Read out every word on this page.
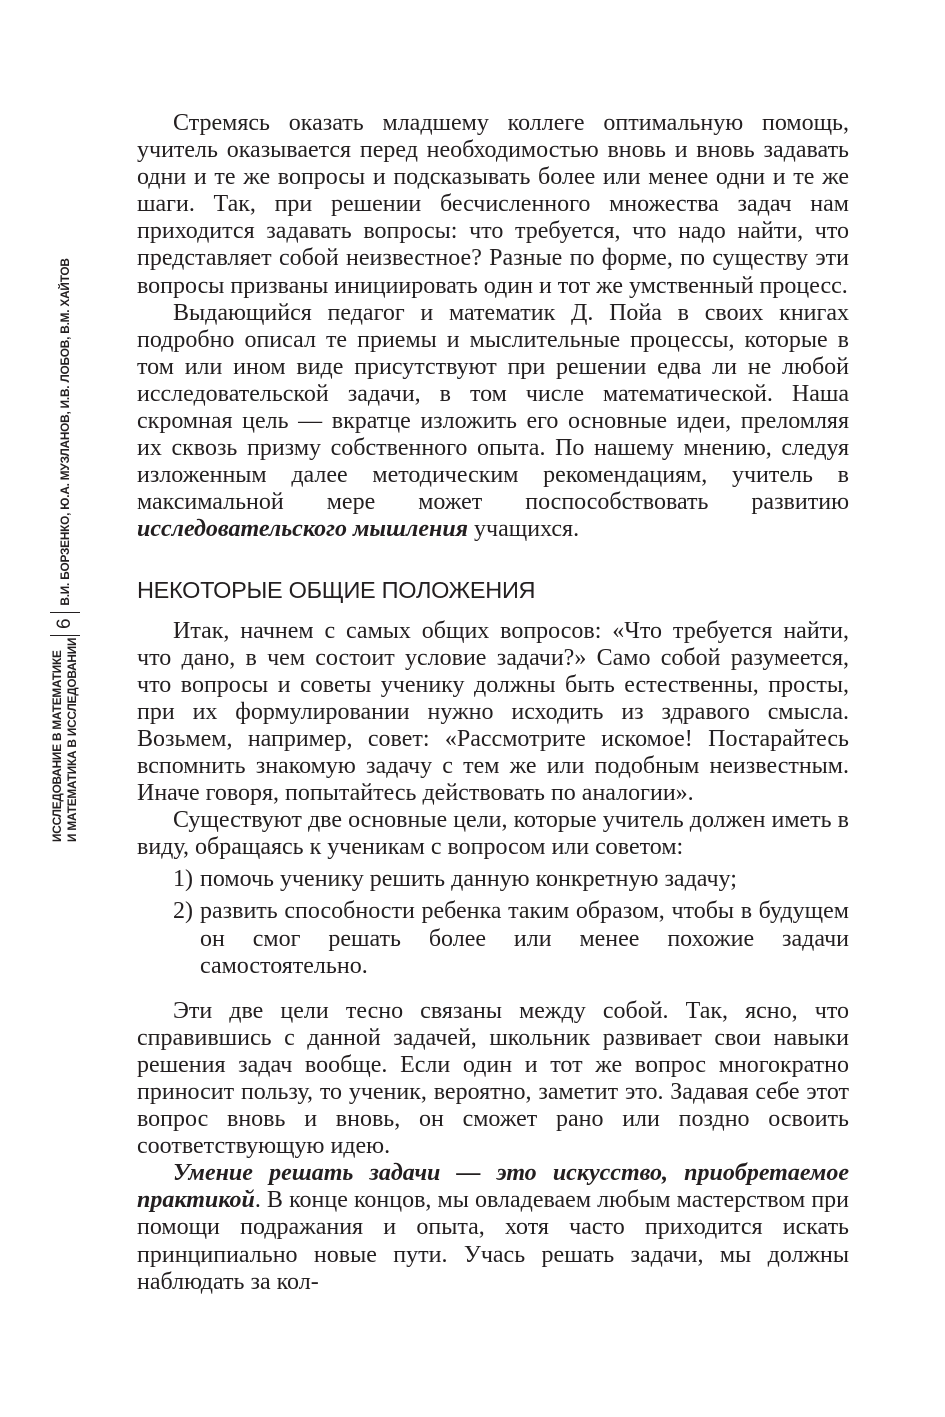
ИССЛЕДОВАНИЕ В МАТЕМАТИКЕ И МАТЕМАТИКА В ИССЛЕДОВАНИИ
6
В.И. БОРЗЕНКО, Ю.А. МУЗЛАНОВ, И.В. ЛОБОВ, В.М. ХАЙТОВ

Стремясь оказать младшему коллеге оптимальную помощь, учитель оказывается перед необходимостью вновь и вновь задавать одни и те же вопросы и подсказывать более или менее одни и те же шаги. Так, при решении бесчисленного множества задач нам приходится задавать вопросы: что требуется, что надо найти, что представляет собой неизвестное? Разные по форме, по существу эти вопросы призваны инициировать один и тот же умственный процесс.

Выдающийся педагог и математик Д. Пойа в своих книгах подробно описал те приемы и мыслительные процессы, которые в том или ином виде присутствуют при решении едва ли не любой исследовательской задачи, в том числе математической. Наша скромная цель — вкратце изложить его основные идеи, преломляя их сквозь призму собственного опыта. По нашему мнению, следуя изложенным далее методическим рекомендациям, учитель в максимальной мере может поспособствовать развитию исследовательского мышления учащихся.

НЕКОТОРЫЕ ОБЩИЕ ПОЛОЖЕНИЯ

Итак, начнем с самых общих вопросов: «Что требуется найти, что дано, в чем состоит условие задачи?» Само собой разумеется, что вопросы и советы ученику должны быть естественны, просты, при их формулировании нужно исходить из здравого смысла. Возьмем, например, совет: «Рассмотрите искомое! Постарайтесь вспомнить знакомую задачу с тем же или подобным неизвестным. Иначе говоря, попытайтесь действовать по аналогии».

Существуют две основные цели, которые учитель должен иметь в виду, обращаясь к ученикам с вопросом или советом:

1) помочь ученику решить данную конкретную задачу;
2) развить способности ребенка таким образом, чтобы в будущем он смог решать более или менее похожие задачи самостоятельно.

Эти две цели тесно связаны между собой. Так, ясно, что справившись с данной задачей, школьник развивает свои навыки решения задач вообще. Если один и тот же вопрос многократно приносит пользу, то ученик, вероятно, заметит это. Задавая себе этот вопрос вновь и вновь, он сможет рано или поздно освоить соответствующую идею.

Умение решать задачи — это искусство, приобретаемое практикой. В конце концов, мы овладеваем любым мастерством при помощи подражания и опыта, хотя часто приходится искать принципиально новые пути. Учась решать задачи, мы должны наблюдать за кол-
